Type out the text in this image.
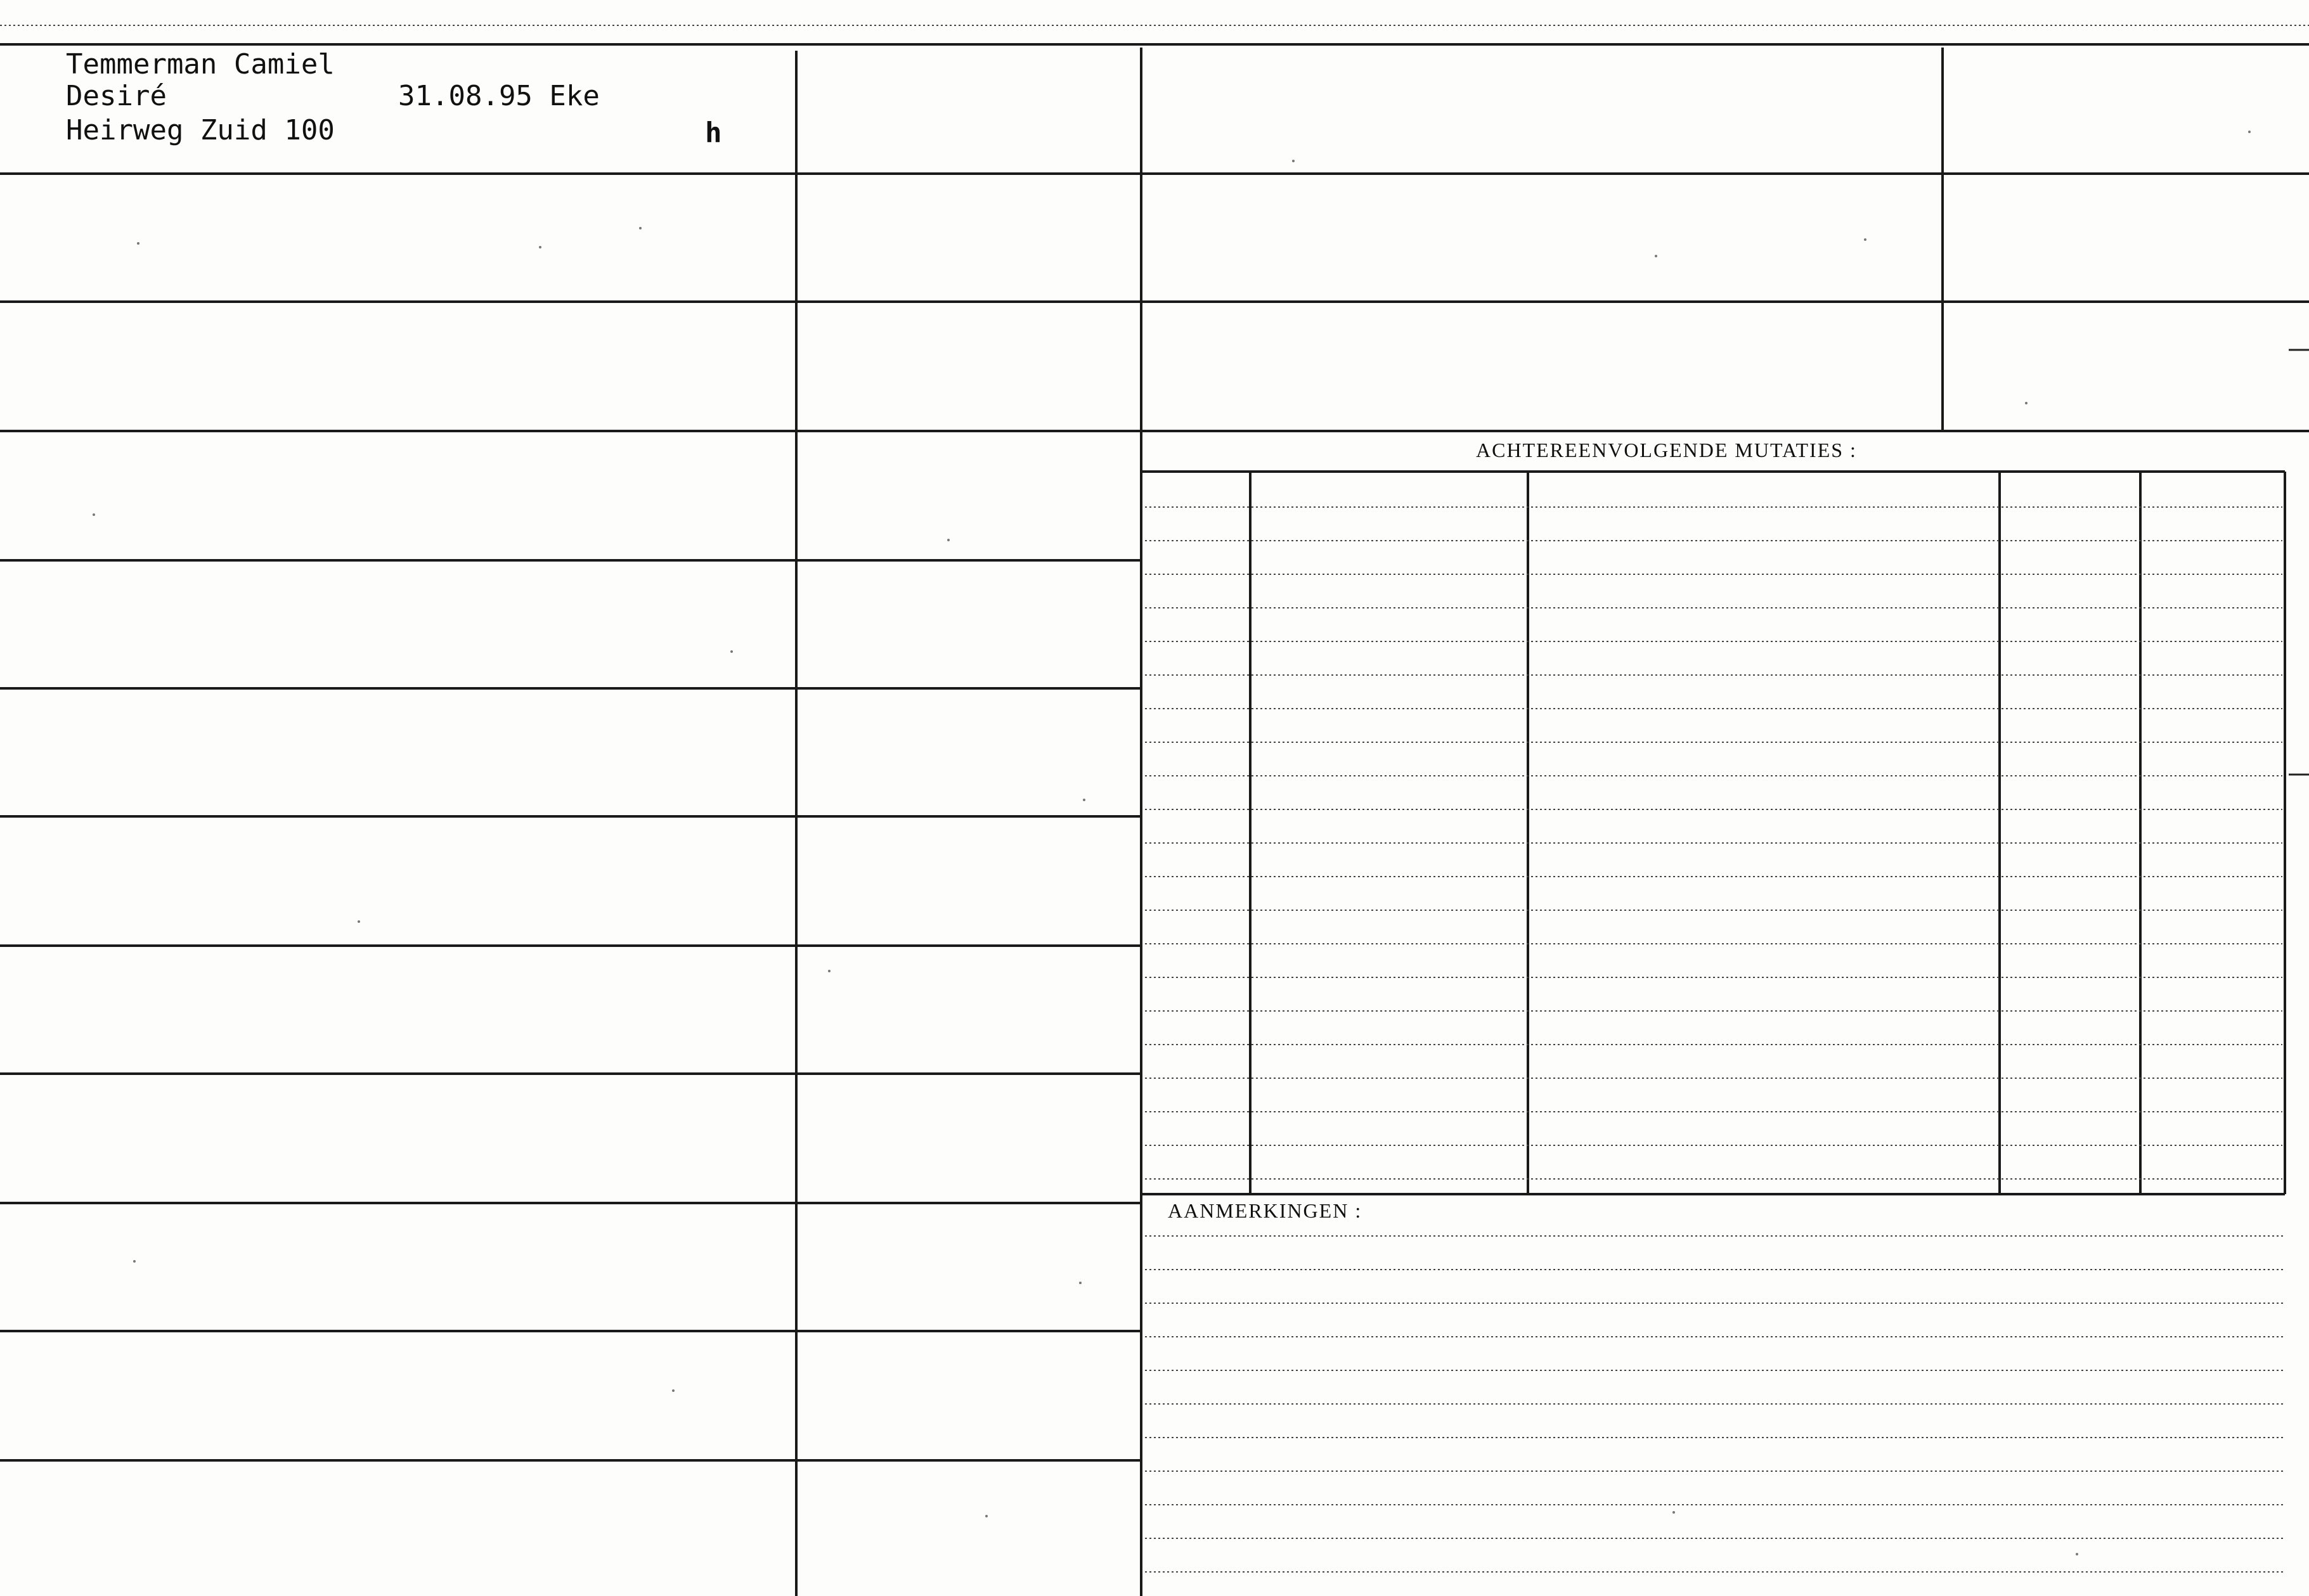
Temmerman Camiel
Desiré	31.08.95 Eke
Heirweg Zuid 100	h
ACHTEREENVOLGENDE MUTATIES :
AANMERKINGEN :
